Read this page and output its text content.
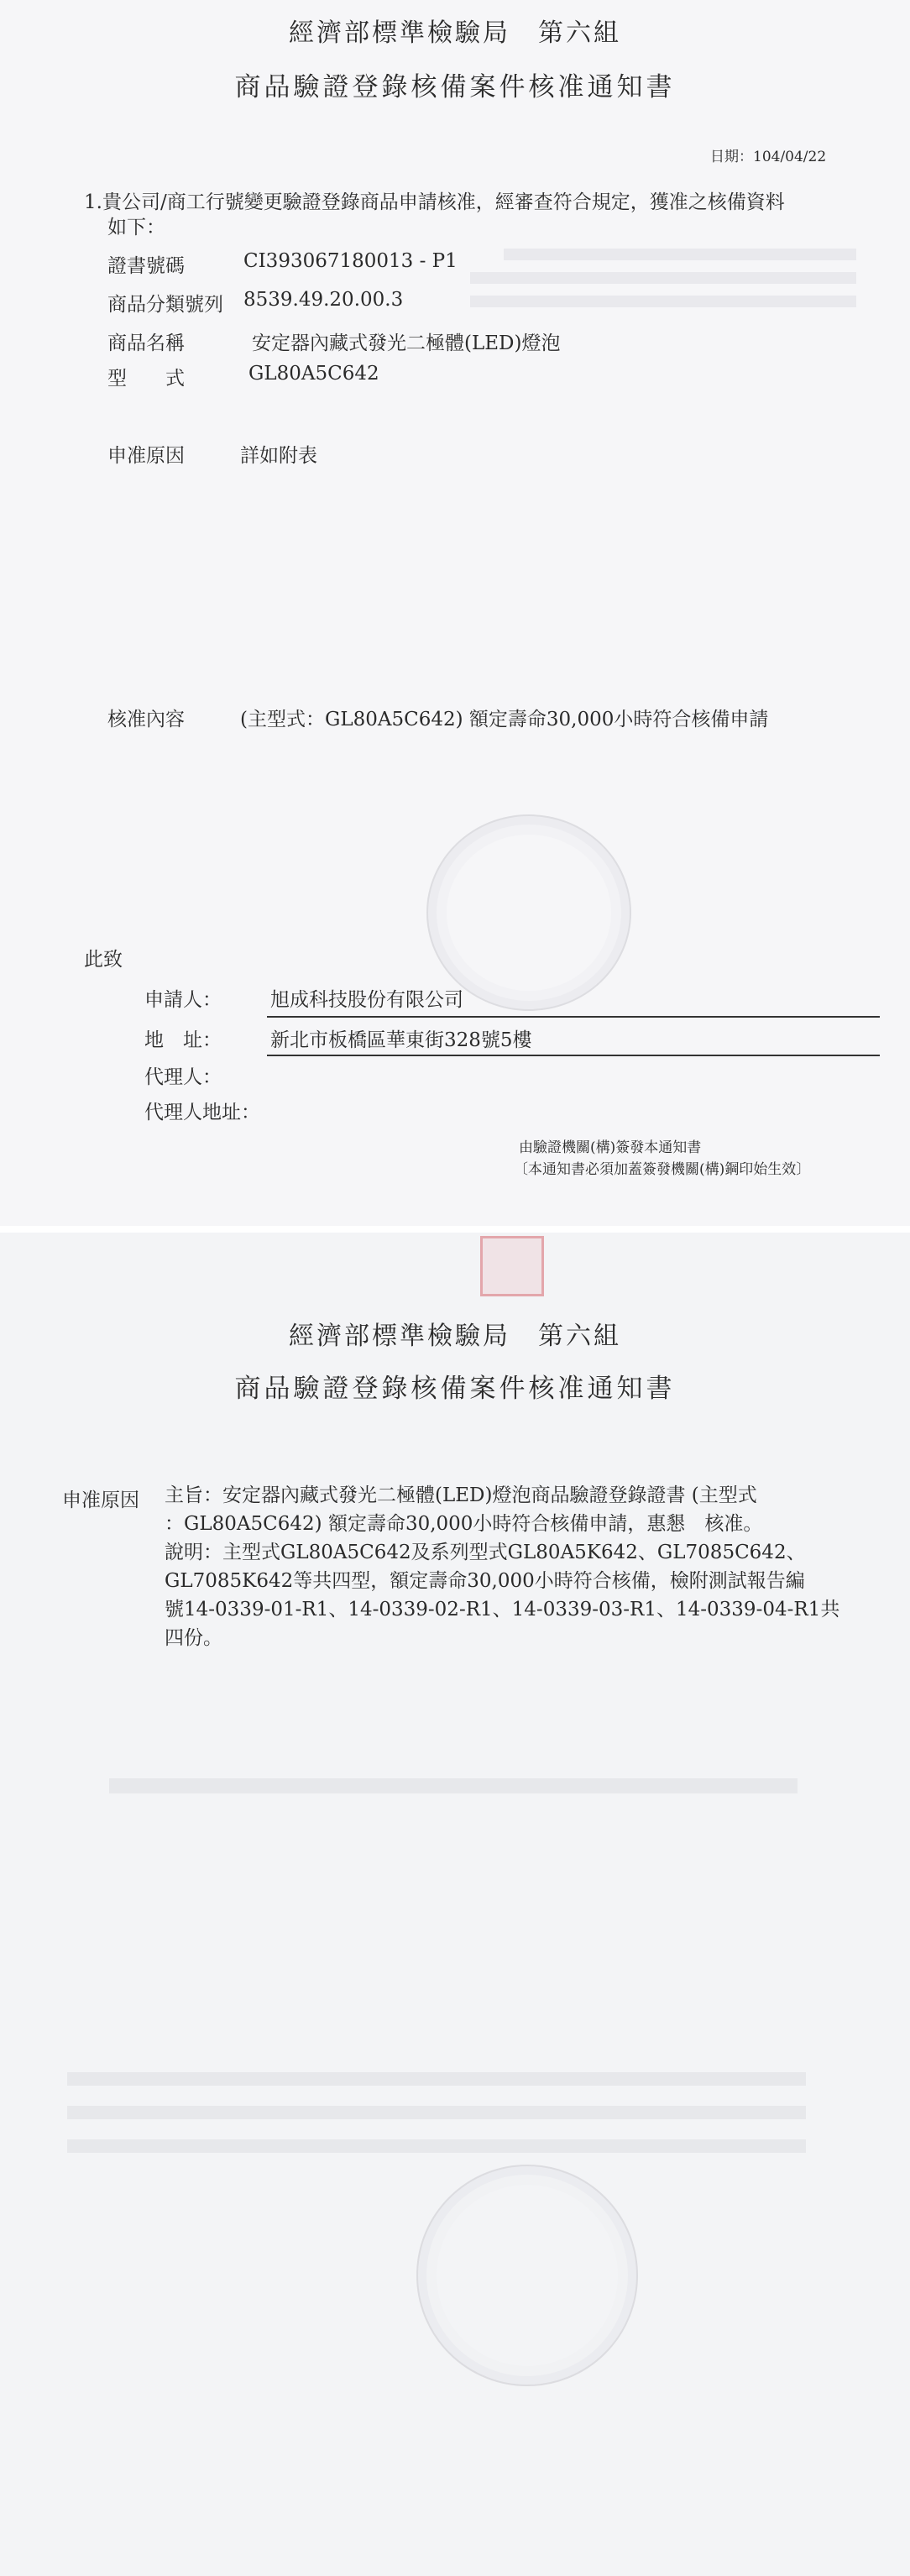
經濟部標準檢驗局　第六組
商品驗證登錄核備案件核准通知書
日期：104/04/22
1.貴公司/商工行號變更驗證登錄商品申請核准，經審查符合規定，獲准之核備資料
如下：
證書號碼	CI393067180013 - P1
商品分類號列 8539.49.20.00.3
商品名稱	安定器內藏式發光二極體(LED)燈泡
型　　式	GL80A5C642
申准原因	詳如附表
核准內容	(主型式：GL80A5C642) 額定壽命30,000小時符合核備申請
此致
申請人：	旭成科技股份有限公司
地　址：	新北市板橋區華東街328號5樓
代理人：
代理人地址：
由驗證機關(構)簽發本通知書
〔本通知書必須加蓋簽發機關(構)鋼印始生效〕
經濟部標準檢驗局　第六組
商品驗證登錄核備案件核准通知書
申准原因 主旨：安定器內藏式發光二極體(LED)燈泡商品驗證登錄證書 (主型式
：GL80A5C642) 額定壽命30,000小時符合核備申請，惠懇　核准。
說明：主型式GL80A5C642及系列型式GL80A5K642、GL7085C642、
GL7085K642等共四型，額定壽命30,000小時符合核備，檢附測試報告編
號14-0339-01-R1、14-0339-02-R1、14-0339-03-R1、14-0339-04-R1共
四份。
